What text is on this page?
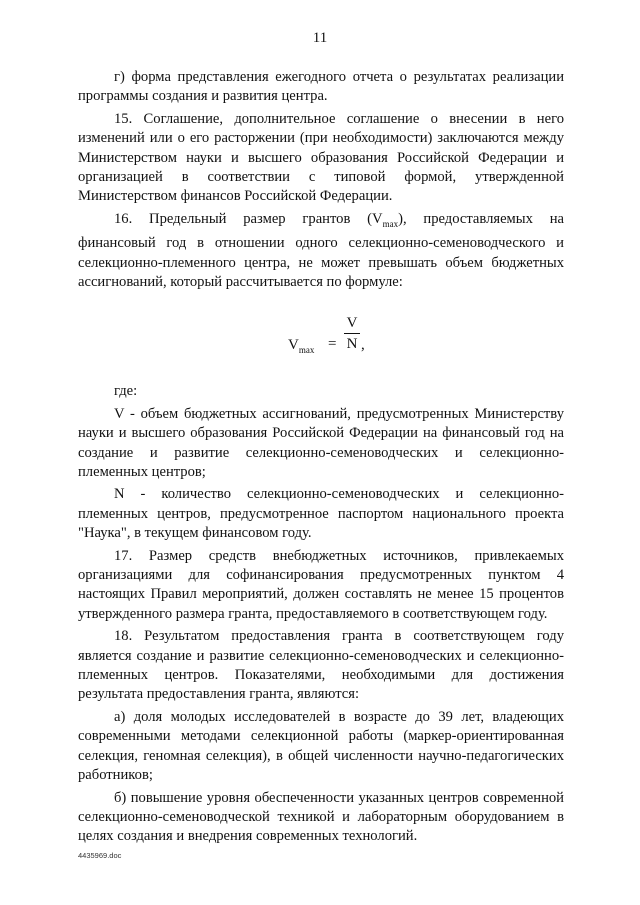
11

г) форма представления ежегодного отчета о результатах реализации программы создания и развития центра.

15. Соглашение, дополнительное соглашение о внесении в него изменений или о его расторжении (при необходимости) заключаются между Министерством науки и высшего образования Российской Федерации и организацией в соответствии с типовой формой, утвержденной Министерством финансов Российской Федерации.

16. Предельный размер грантов $(V_{max})$, предоставляемых на финансовый год в отношении одного селекционно-семеноводческого и селекционно-племенного центра, не может превышать объем бюджетных ассигнований, который рассчитывается по формуле:

$V_{max}$ =
V
N ,

где:

V - объем бюджетных ассигнований, предусмотренных Министерству науки и высшего образования Российской Федерации на финансовый год на создание и развитие селекционно-семеноводческих и селекционно-племенных центров;

N - количество селекционно-семеноводческих и селекционно-племенных центров, предусмотренное паспортом национального проекта "Наука", в текущем финансовом году.

17. Размер средств внебюджетных источников, привлекаемых организациями для софинансирования предусмотренных пунктом 4 настоящих Правил мероприятий, должен составлять не менее 15 процентов утвержденного размера гранта, предоставляемого в соответствующем году.

18. Результатом предоставления гранта в соответствующем году является создание и развитие селекционно-семеноводческих и селекционно-племенных центров. Показателями, необходимыми для достижения результата предоставления гранта, являются:

а) доля молодых исследователей в возрасте до 39 лет, владеющих современными методами селекционной работы (маркер-ориентированная селекция, геномная селекция), в общей численности научно-педагогических работников;

б) повышение уровня обеспеченности указанных центров современной селекционно-семеноводческой техникой и лабораторным оборудованием в целях создания и внедрения современных технологий.

4435969.doc
